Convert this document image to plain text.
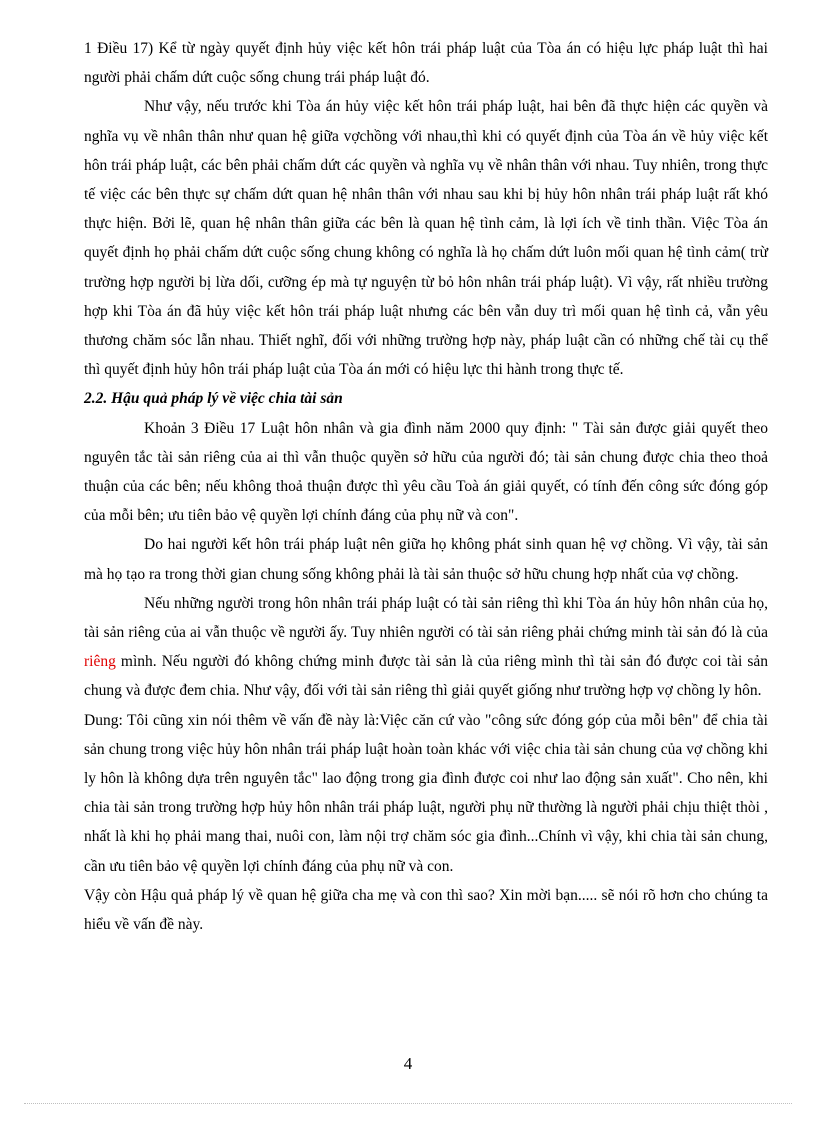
1 Điều 17) Kể từ ngày quyết định hủy việc kết hôn trái pháp luật của Tòa án có hiệu lực pháp luật thì hai người phải chấm dứt cuộc sống chung trái pháp luật đó.

Như vậy, nếu trước khi Tòa án hủy việc kết hôn trái pháp luật, hai bên đã thực hiện các quyền và nghĩa vụ về nhân thân như quan hệ giữa vợchồng với nhau,thì khi có quyết định của Tòa án về hủy việc kết hôn trái pháp luật, các bên phải chấm dứt các quyền và nghĩa vụ về nhân thân với nhau. Tuy nhiên, trong thực tế việc các bên thực sự chấm dứt quan hệ nhân thân với nhau sau khi bị hủy hôn nhân trái pháp luật rất khó thực hiện. Bởi lẽ, quan hệ nhân thân giữa các bên là quan hệ tình cảm, là lợi ích về tinh thần. Việc Tòa án quyết định họ phải chấm dứt cuộc sống chung không có nghĩa là họ chấm dứt luôn mối quan hệ tình cảm( trừ trường hợp người bị lừa dối, cưỡng ép mà tự nguyện từ bỏ hôn nhân trái pháp luật). Vì vậy, rất nhiều trường hợp khi Tòa án đã hủy việc kết hôn trái pháp luật nhưng các bên vẫn duy trì mối quan hệ tình cả, vẫn yêu thương chăm sóc lẫn nhau. Thiết nghĩ, đối với những trường hợp này, pháp luật cần có những chế tài cụ thể thì quyết định hủy hôn trái pháp luật của Tòa án mới có hiệu lực thi hành trong thực tế.

2.2. Hậu quả pháp lý về việc chia tài sản

Khoản 3 Điều 17 Luật hôn nhân và gia đình năm 2000 quy định: " Tài sản được giải quyết theo nguyên tắc tài sản riêng của ai thì vẫn thuộc quyền sở hữu của người đó; tài sản chung được chia theo thoả thuận của các bên; nếu không thoả thuận được thì yêu cầu Toà án giải quyết, có tính đến công sức đóng góp của mỗi bên; ưu tiên bảo vệ quyền lợi chính đáng của phụ nữ và con".

Do hai người kết hôn trái pháp luật nên giữa họ không phát sinh quan hệ vợ chồng. Vì vậy, tài sản mà họ tạo ra trong thời gian chung sống không phải là tài sản thuộc sở hữu chung hợp nhất của vợ chồng.

Nếu những người trong hôn nhân trái pháp luật có tài sản riêng thì khi Tòa án hủy hôn nhân của họ, tài sản riêng của ai vẫn thuộc về người ấy. Tuy nhiên người có tài sản riêng phải chứng minh tài sản đó là của riêng mình. Nếu người đó không chứng minh được tài sản là của riêng mình thì tài sản đó được coi tài sản chung và được đem chia. Như vậy, đối với tài sản riêng thì giải quyết giống như trường hợp vợ chồng ly hôn.

Dung: Tôi cũng xin nói thêm về vấn đề này là:Việc căn cứ vào "công sức đóng góp của mỗi bên" để chia tài sản chung trong việc hủy hôn nhân trái pháp luật hoàn toàn khác với việc chia tài sản chung của vợ chồng khi ly hôn là không dựa trên nguyên tắc" lao động trong gia đình được coi như lao động sản xuất". Cho nên, khi chia tài sản trong trường hợp hủy hôn nhân trái pháp luật, người phụ nữ thường là người phải chịu thiệt thòi , nhất là khi họ phải mang thai, nuôi con, làm nội trợ chăm sóc gia đình...Chính vì vậy, khi chia tài sản chung, cần ưu tiên bảo vệ quyền lợi chính đáng của phụ nữ và con.

Vậy còn Hậu quả pháp lý về quan hệ giữa cha mẹ và con thì sao? Xin mời bạn..... sẽ nói rõ hơn cho chúng ta hiểu về vấn đề này.

4
